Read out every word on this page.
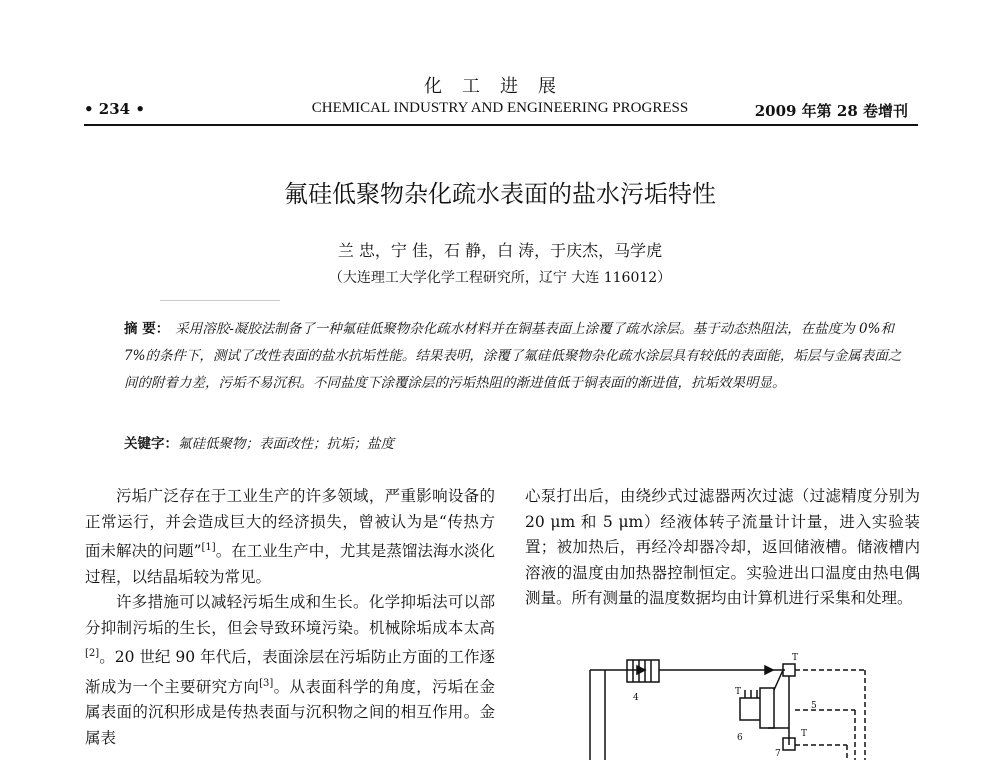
化工进展
• 234 •	CHEMICAL INDUSTRY AND ENGINEERING PROGRESS	2009 年第 28 卷增刊
氟硅低聚物杂化疏水表面的盐水污垢特性
兰 忠，宁 佳，石 静，白 涛，于庆杰，马学虎
（大连理工大学化学工程研究所，辽宁 大连 116012）
摘 要： 采用溶胶-凝胶法制备了一种氟硅低聚物杂化疏水材料并在铜基表面上涂覆了疏水涂层。基于动态热阻法，在盐度为 0%和 7%的条件下，测试了改性表面的盐水抗垢性能。结果表明，涂覆了氟硅低聚物杂化疏水涂层具有较低的表面能，垢层与金属表面之间的附着力差，污垢不易沉积。不同盐度下涂覆涂层的污垢热阻的渐进值低于铜表面的渐进值，抗垢效果明显。
关键字：氟硅低聚物；表面改性；抗垢；盐度

污垢广泛存在于工业生产的许多领域，严重影响设备的正常运行，并会造成巨大的经济损失，曾被认为是“传热方面未解决的问题”[1]。在工业生产中，尤其是蒸馏法海水淡化过程，以结晶垢较为常见。

许多措施可以减轻污垢生成和生长。化学抑垢法可以部分抑制污垢的生长，但会导致环境污染。机械除垢成本太高[2]。20 世纪 90 年代后，表面涂层在污垢防止方面的工作逐渐成为一个主要研究方向[3]。从表面科学的角度，污垢在金属表面的沉积形成是传热表面与沉积物之间的相互作用。金属表

心泵打出后，由绕纱式过滤器两次过滤（过滤精度分别为 20 μm 和 5 μm）经液体转子流量计计量，进入实验装置；被加热后，再经冷却器冷却，返回储液槽。储液槽内溶液的温度由加热器控制恒定。实验进出口温度由热电偶测量。所有测量的温度数据均由计算机进行采集和处理。

T
T
T
4
5
6
7
